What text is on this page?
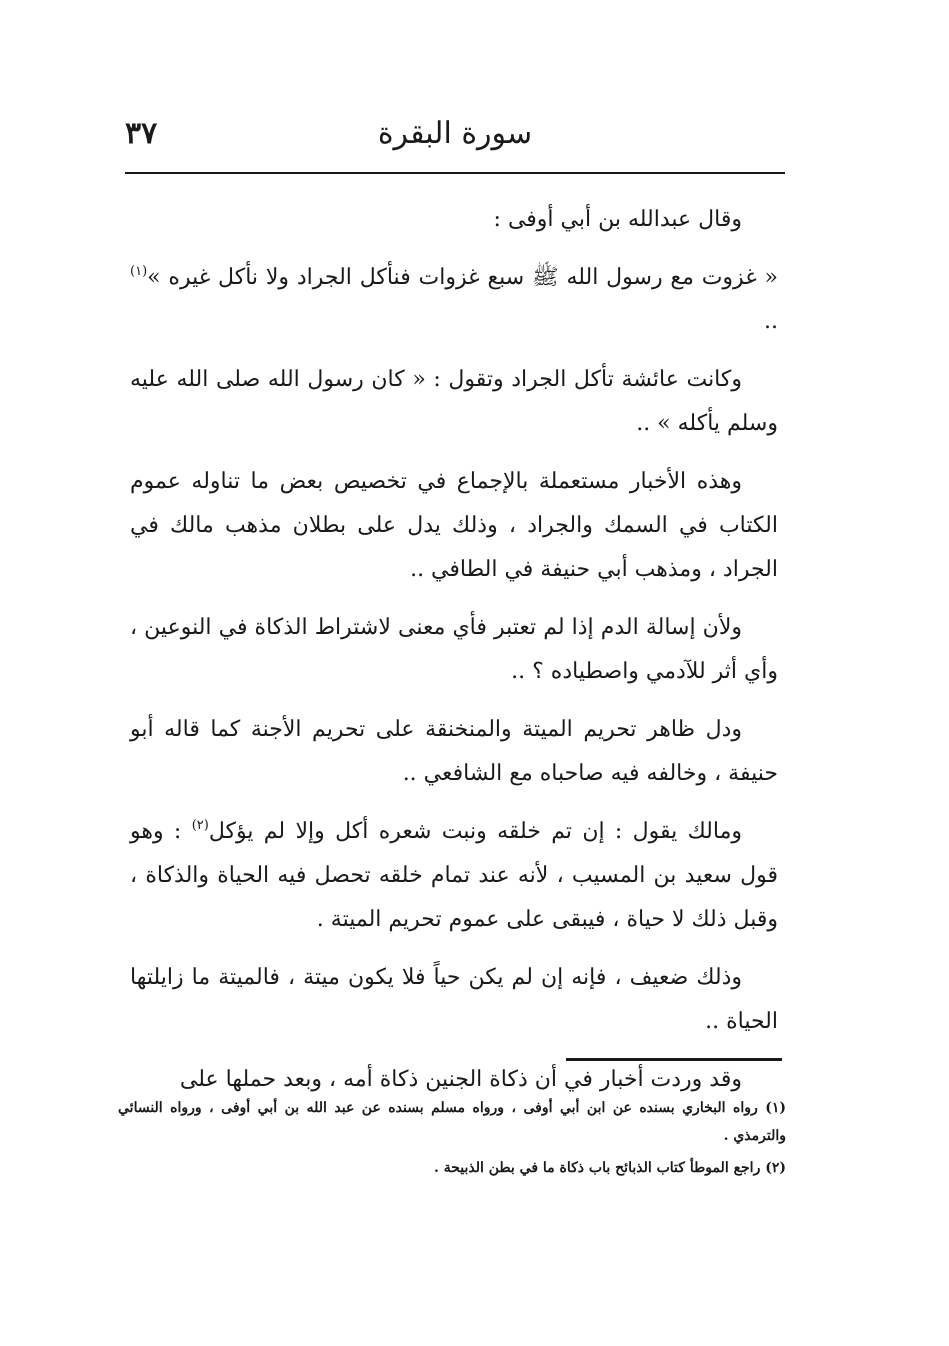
٣٧	سورة البقرة

وقال عبدالله بن أبي أوفى :

« غزوت مع رسول الله ﷺ سبع غزوات فنأكل الجراد ولا نأكل غيره »$^{(١)}$ ..

وكانت عائشة تأكل الجراد وتقول : « كان رسول الله صلى الله عليه وسلم يأكله » ..

وهذه الأخبار مستعملة بالإجماع في تخصيص بعض ما تناوله عموم الكتاب في السمك والجراد ، وذلك يدل على بطلان مذهب مالك في الجراد ، ومذهب أبي حنيفة في الطافي ..

ولأن إسالة الدم إذا لم تعتبر فأي معنى لاشتراط الذكاة في النوعين ، وأي أثر للآدمي واصطياده ؟ ..

ودل ظاهر تحريم الميتة والمنخنقة على تحريم الأجنة كما قاله أبو حنيفة ، وخالفه فيه صاحباه مع الشافعي ..

ومالك يقول : إن تم خلقه ونبت شعره أكل وإلا لم يؤكل$^{(٢)}$ : وهو قول سعيد بن المسيب ، لأنه عند تمام خلقه تحصل فيه الحياة والذكاة ، وقبل ذلك لا حياة ، فيبقى على عموم تحريم الميتة .

وذلك ضعيف ، فإنه إن لم يكن حياً فلا يكون ميتة ، فالميتة ما زايلتها الحياة ..

وقد وردت أخبار في أن ذكاة الجنين ذكاة أمه ، وبعد حملها على

(١) رواه البخاري بسنده عن ابن أبي أوفى ، ورواه مسلم بسنده عن عبد الله بن أبي أوفى ، ورواه النسائي والترمذي .

(٢) راجع الموطأ كتاب الذبائح باب ذكاة ما في بطن الذبيحة .
